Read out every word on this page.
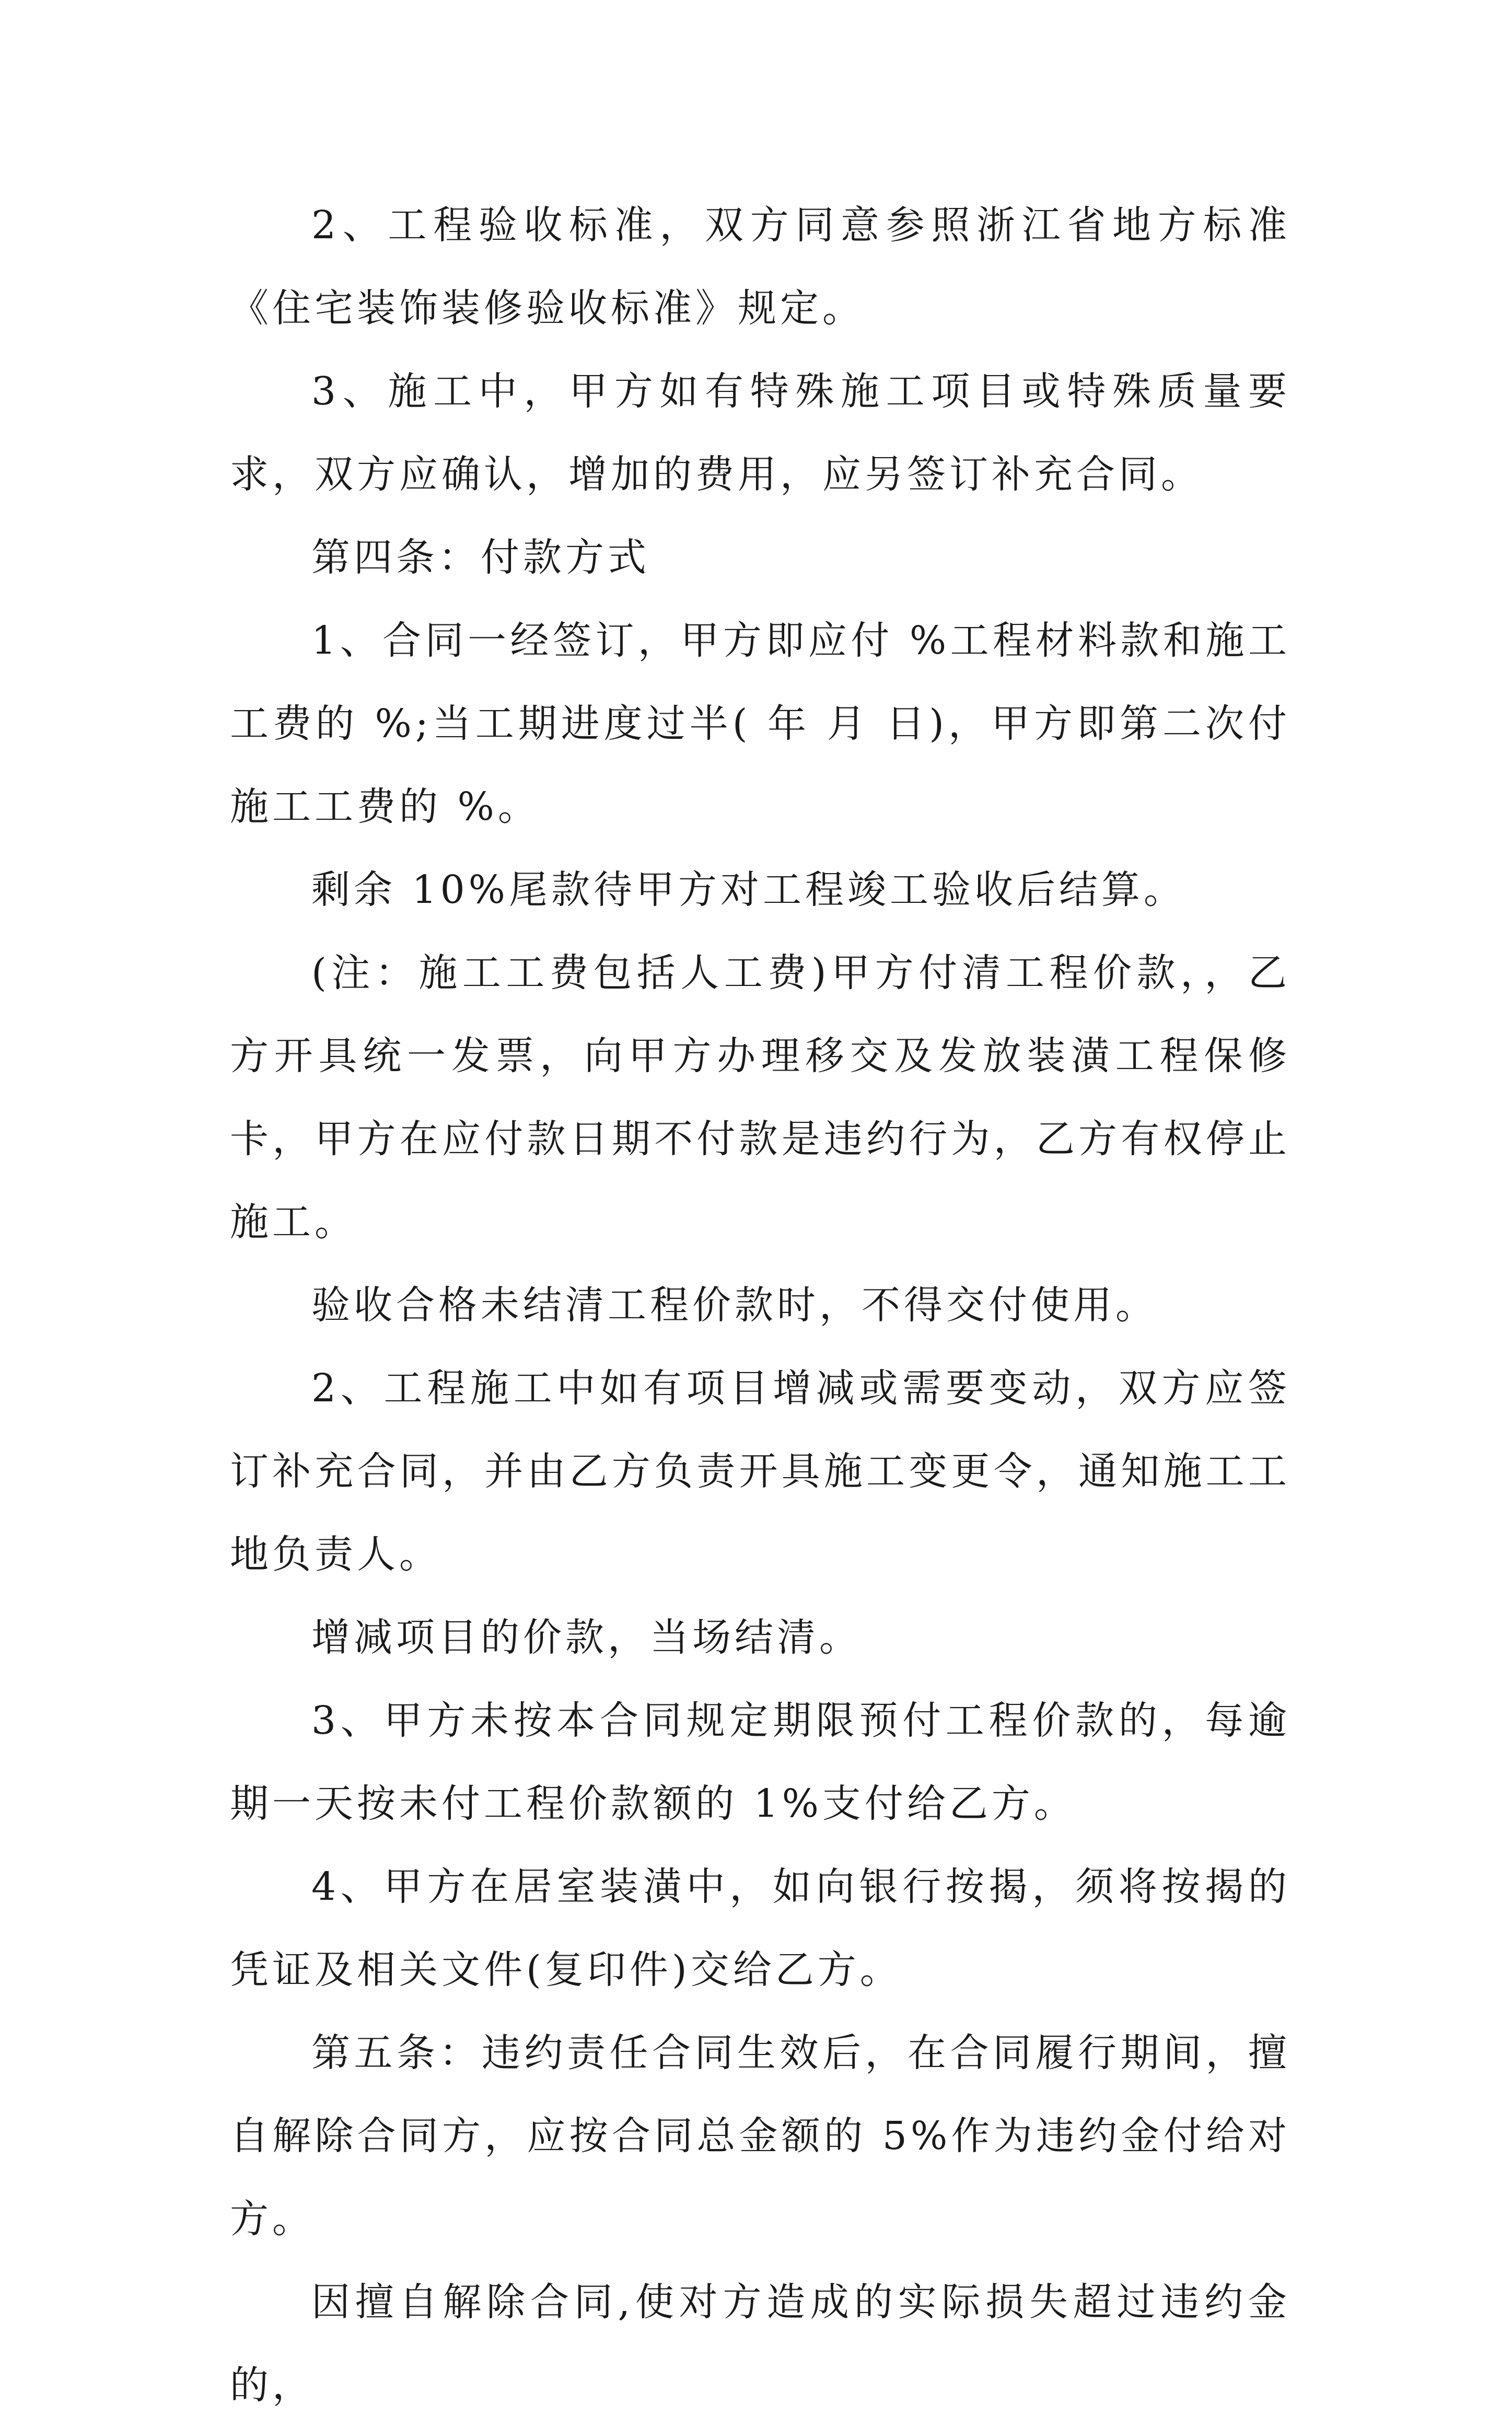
2、工程验收标准，双方同意参照浙江省地方标准《住宅装饰装修验收标准》规定。

3、施工中，甲方如有特殊施工项目或特殊质量要求，双方应确认，增加的费用，应另签订补充合同。

第四条：付款方式

1、合同一经签订，甲方即应付 %工程材料款和施工工费的 %;当工期进度过半( 年 月 日)，甲方即第二次付施工工费的 %。

剩余 10%尾款待甲方对工程竣工验收后结算。

(注：施工工费包括人工费)甲方付清工程价款，，乙方开具统一发票，向甲方办理移交及发放装潢工程保修卡，甲方在应付款日期不付款是违约行为，乙方有权停止施工。

验收合格未结清工程价款时，不得交付使用。

2、工程施工中如有项目增减或需要变动，双方应签订补充合同，并由乙方负责开具施工变更令，通知施工工地负责人。

增减项目的价款，当场结清。

3、甲方未按本合同规定期限预付工程价款的，每逾期一天按未付工程价款额的 1%支付给乙方。

4、甲方在居室装潢中，如向银行按揭，须将按揭的凭证及相关文件(复印件)交给乙方。

第五条：违约责任合同生效后，在合同履行期间，擅自解除合同方，应按合同总金额的 5%作为违约金付给对方。

因擅自解除合同,使对方造成的实际损失超过违约金的，
